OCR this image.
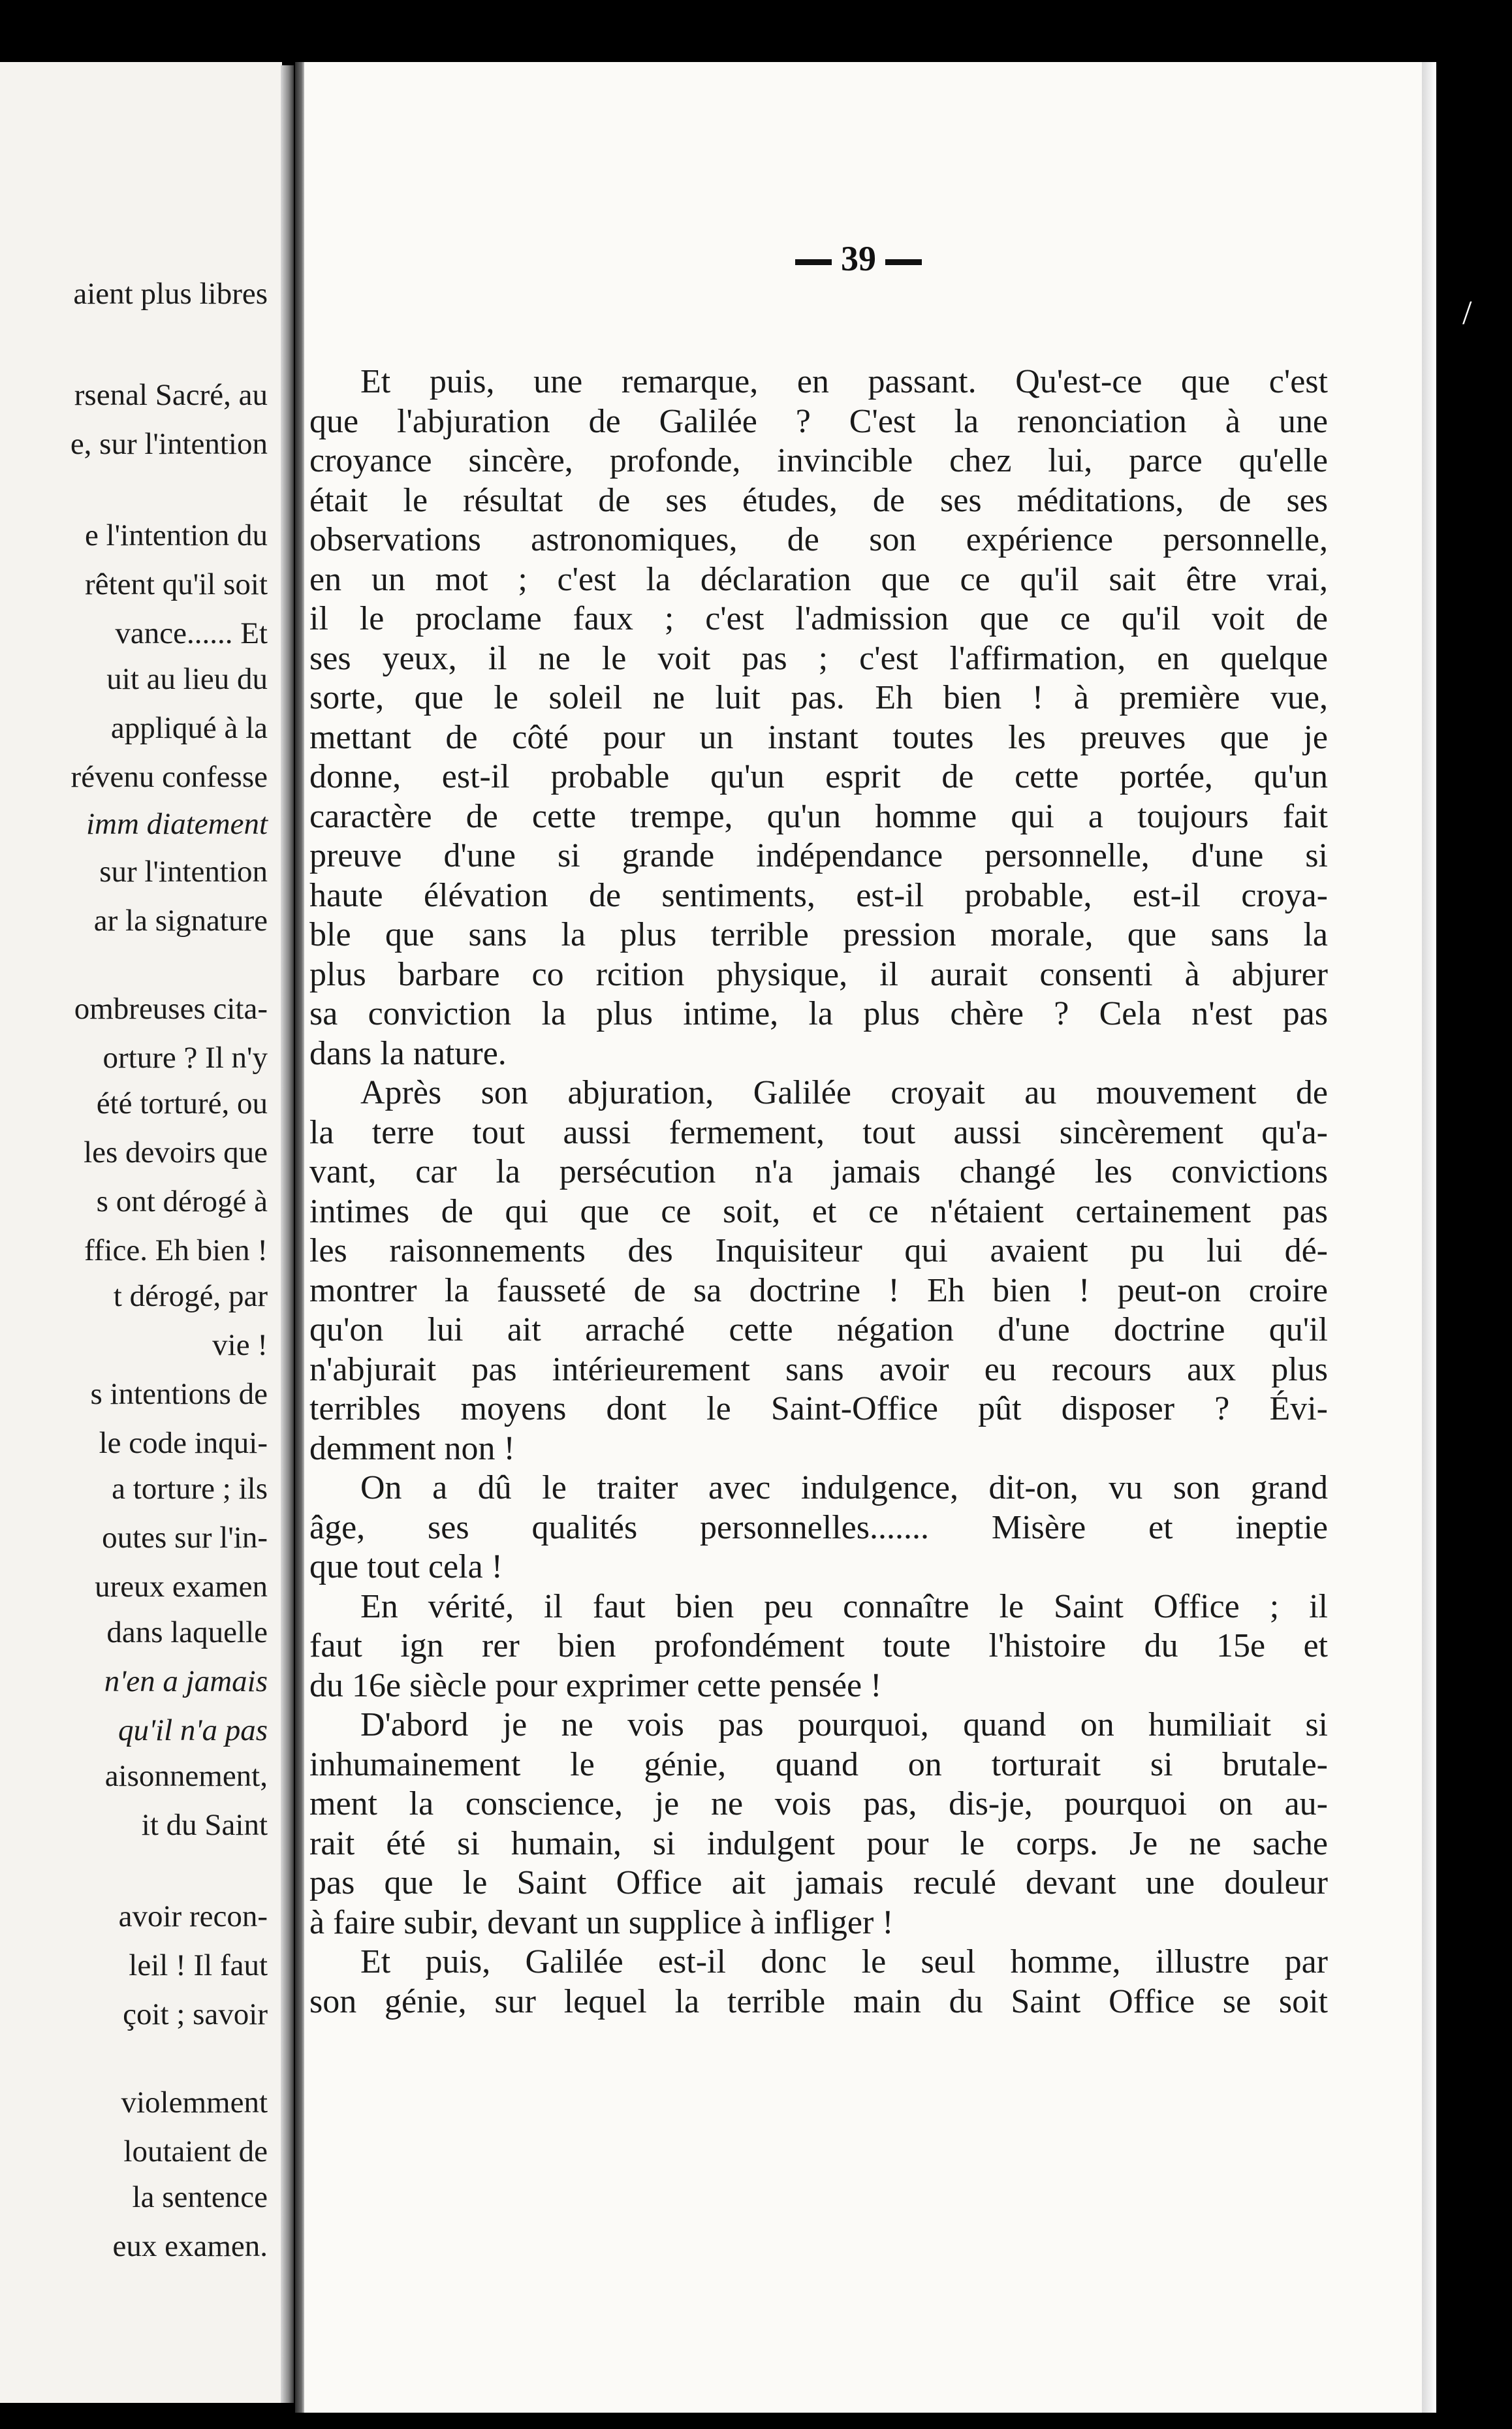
aient plus libres
rsenal Sacré, au
e, sur l'intention
e l'intention du
rêtent qu'il soit
vance...... Et
uit au lieu du
appliqué à la
révenu confesse
imm diatement
sur l'intention
ar la signature
ombreuses cita-
orture ? Il n'y
été torturé, ou
les devoirs que
s ont dérogé à
ffice. Eh bien !
t dérogé, par
vie !
s intentions de
le code inqui-
a torture ; ils
outes sur l'in-
ureux examen
dans laquelle
n'en a jamais
qu'il n'a pas
aisonnement,
it du Saint
avoir recon-
leil ! Il faut
çoit ; savoir
violemment
loutaient de
la sentence
eux examen.
39
Et puis, une remarque, en passant. Qu'est-ce que c'est
que l'abjuration de Galilée ? C'est la renonciation à une
croyance sincère, profonde, invincible chez lui, parce qu'elle
était le résultat de ses études, de ses méditations, de ses
observations astronomiques, de son expérience personnelle,
en un mot ; c'est la déclaration que ce qu'il sait être vrai,
il le proclame faux ; c'est l'admission que ce qu'il voit de
ses yeux, il ne le voit pas ; c'est l'affirmation, en quelque
sorte, que le soleil ne luit pas. Eh bien ! à première vue,
mettant de côté pour un instant toutes les preuves que je
donne, est-il probable qu'un esprit de cette portée, qu'un
caractère de cette trempe, qu'un homme qui a toujours fait
preuve d'une si grande indépendance personnelle, d'une si
haute élévation de sentiments, est-il probable, est-il croya-
ble que sans la plus terrible pression morale, que sans la
plus barbare co rcition physique, il aurait consenti à abjurer
sa conviction la plus intime, la plus chère ? Cela n'est pas
dans la nature.
Après son abjuration, Galilée croyait au mouvement de
la terre tout aussi fermement, tout aussi sincèrement qu'a-
vant, car la persécution n'a jamais changé les convictions
intimes de qui que ce soit, et ce n'étaient certainement pas
les raisonnements des Inquisiteur qui avaient pu lui dé-
montrer la fausseté de sa doctrine ! Eh bien ! peut-on croire
qu'on lui ait arraché cette négation d'une doctrine qu'il
n'abjurait pas intérieurement sans avoir eu recours aux plus
terribles moyens dont le Saint-Office pût disposer ? Évi-
demment non !
On a dû le traiter avec indulgence, dit-on, vu son grand
âge, ses qualités personnelles....... Misère et ineptie
que tout cela !
En vérité, il faut bien peu connaître le Saint Office ; il
faut ign rer bien profondément toute l'histoire du 15e et
du 16e siècle pour exprimer cette pensée !
D'abord je ne vois pas pourquoi, quand on humiliait si
inhumainement le génie, quand on torturait si brutale-
ment la conscience, je ne vois pas, dis-je, pourquoi on au-
rait été si humain, si indulgent pour le corps. Je ne sache
pas que le Saint Office ait jamais reculé devant une douleur
à faire subir, devant un supplice à infliger !
Et puis, Galilée est-il donc le seul homme, illustre par
son génie, sur lequel la terrible main du Saint Office se soit
/
